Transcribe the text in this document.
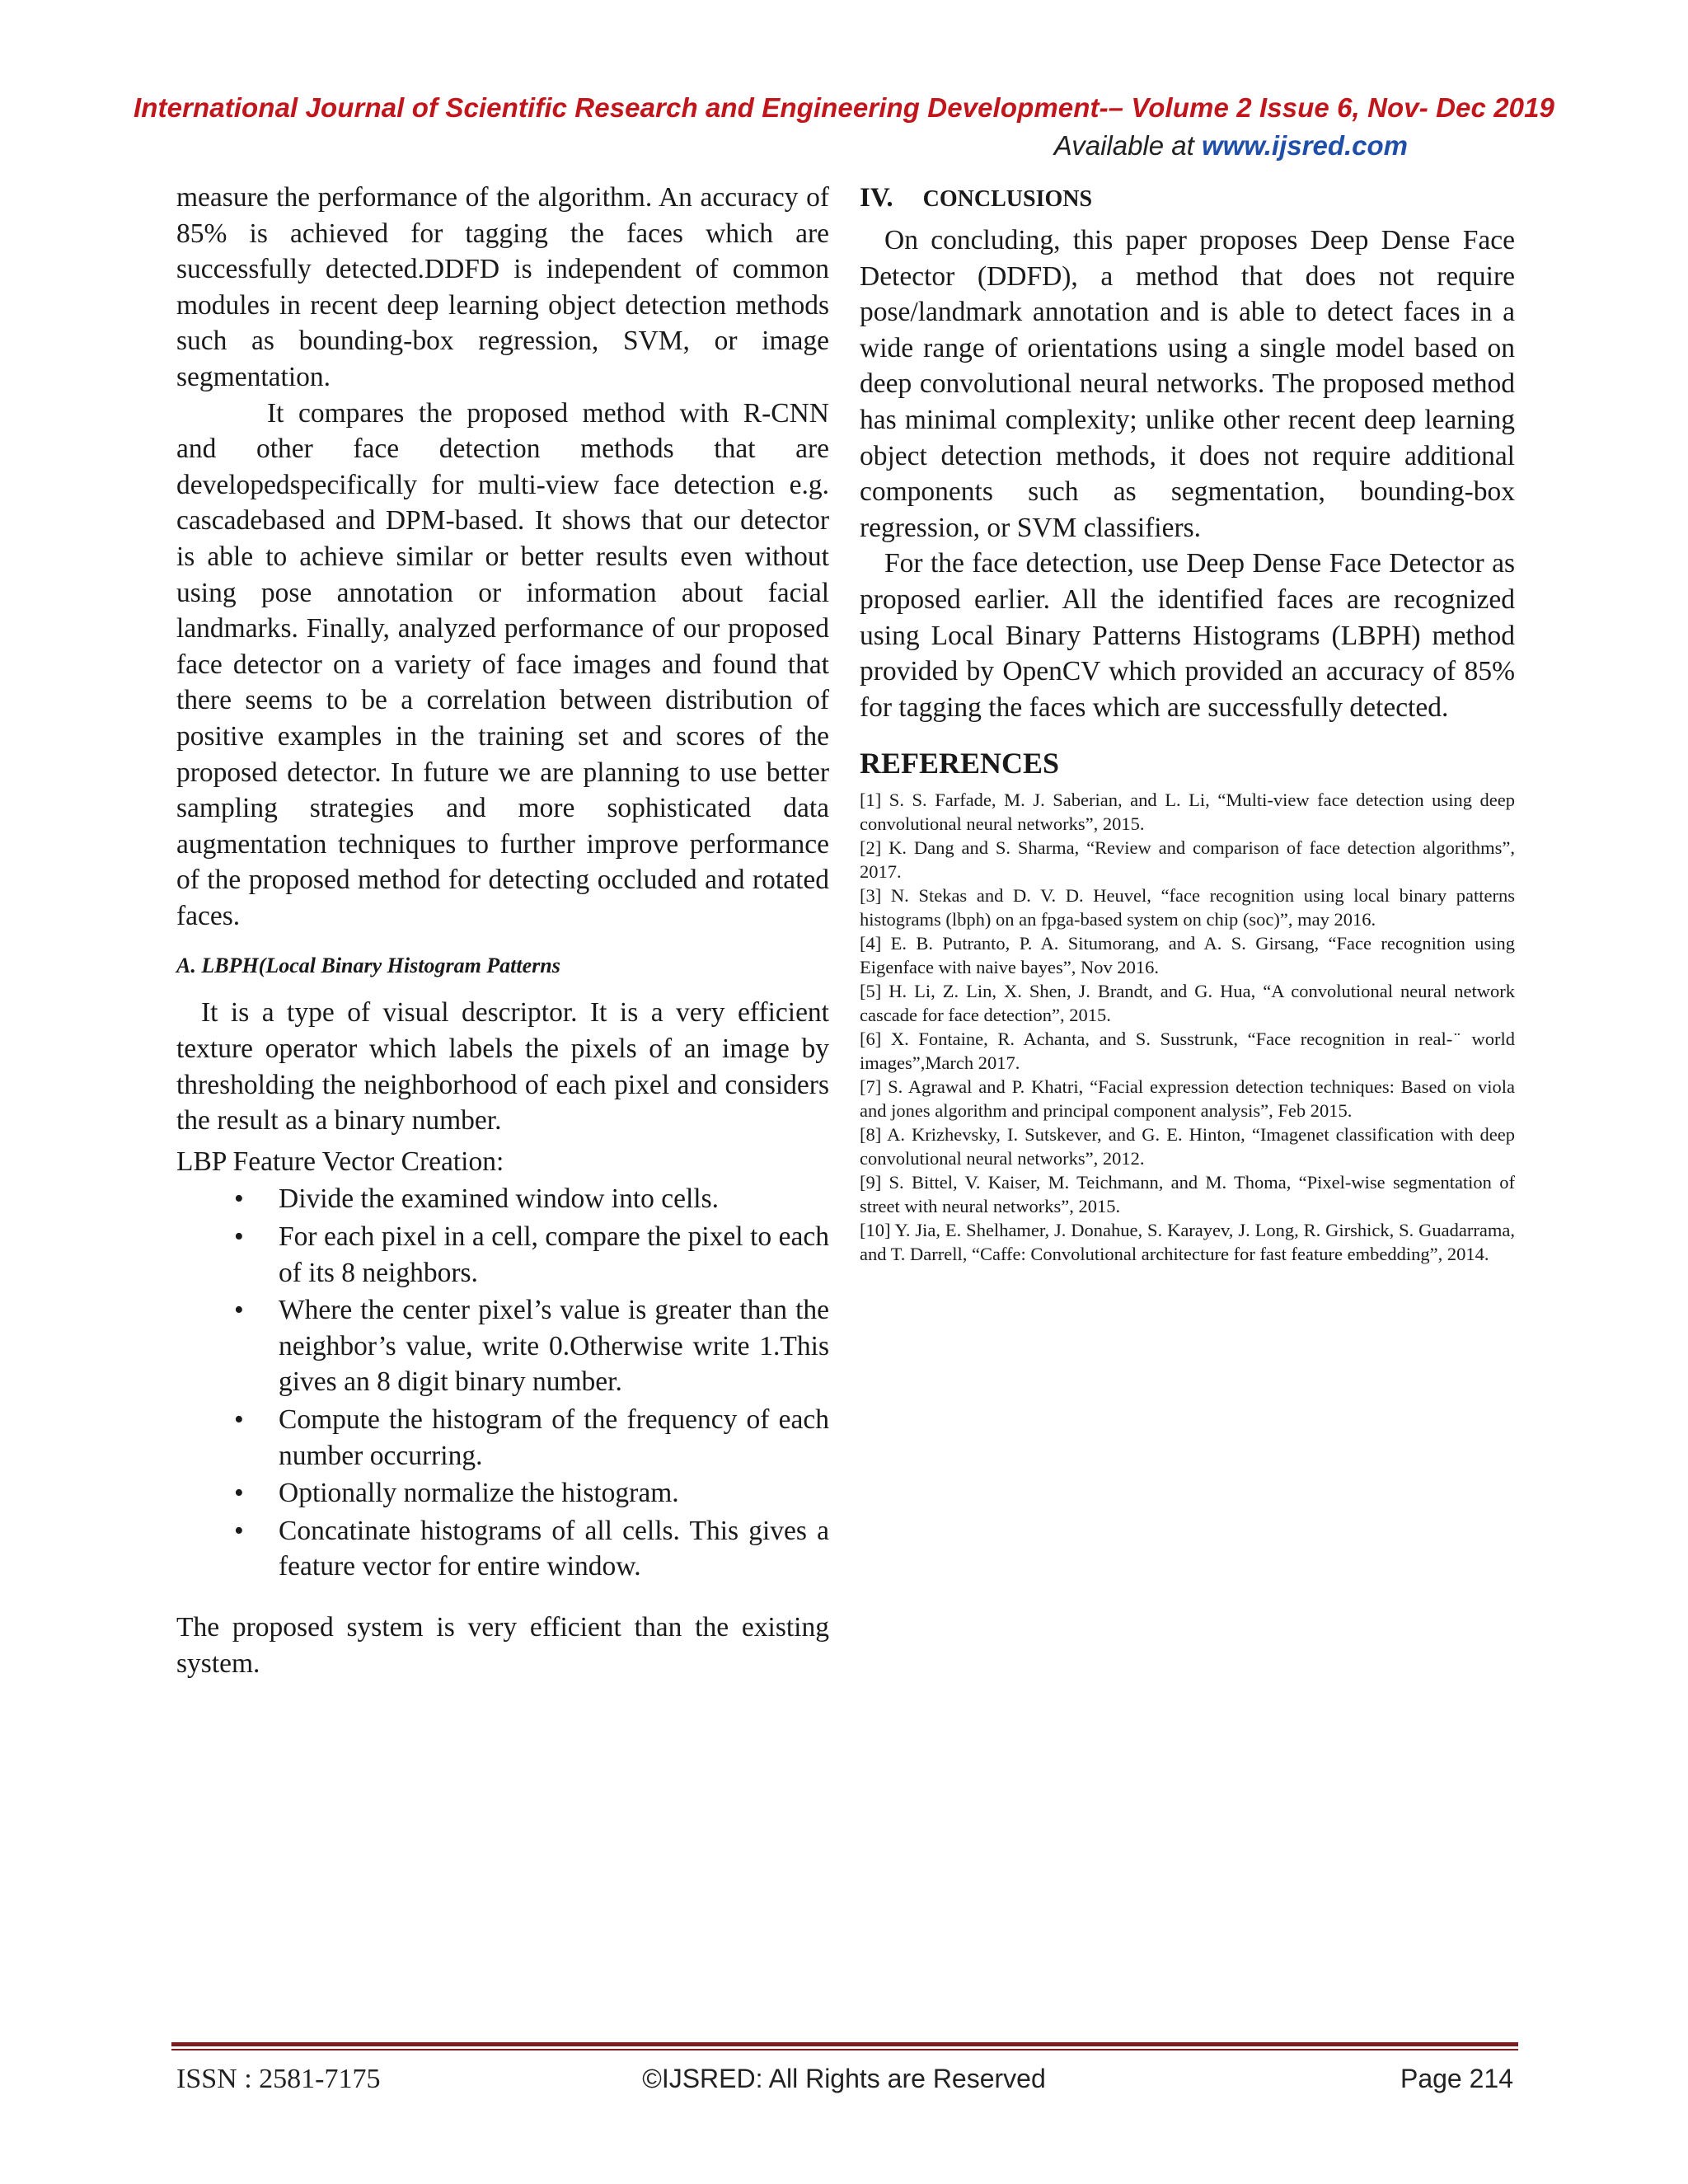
International Journal of Scientific Research and Engineering Development-– Volume 2 Issue 6, Nov- Dec 2019
Available at www.ijsred.com

measure the performance of the algorithm. An accuracy of 85% is achieved for tagging the faces which are successfully detected.DDFD is independent of common modules in recent deep learning object detection methods such as bounding-box regression, SVM, or image segmentation.

It compares the proposed method with R-CNN and other face detection methods that are developedspecifically for multi-view face detection e.g. cascadebased and DPM-based. It shows that our detector is able to achieve similar or better results even without using pose annotation or information about facial landmarks. Finally, analyzed performance of our proposed face detector on a variety of face images and found that there seems to be a correlation between distribution of positive examples in the training set and scores of the proposed detector. In future we are planning to use better sampling strategies and more sophisticated data augmentation techniques to further improve performance of the proposed method for detecting occluded and rotated faces.

A. LBPH(Local Binary Histogram Patterns

It is a type of visual descriptor. It is a very efficient texture operator which labels the pixels of an image by thresholding the neighborhood of each pixel and considers the result as a binary number.

LBP Feature Vector Creation:

• Divide the examined window into cells.
• For each pixel in a cell, compare the pixel to each of its 8 neighbors.
• Where the center pixel’s value is greater than the neighbor’s value, write 0.Otherwise write 1.This gives an 8 digit binary number.
• Compute the histogram of the frequency of each number occurring.
• Optionally normalize the histogram.
• Concatinate histograms of all cells. This gives a feature vector for entire window.

The proposed system is very efficient than the existing system.

IV. CONCLUSIONS

On concluding, this paper proposes Deep Dense Face Detector (DDFD), a method that does not require pose/landmark annotation and is able to detect faces in a wide range of orientations using a single model based on deep convolutional neural networks. The proposed method has minimal complexity; unlike other recent deep learning object detection methods, it does not require additional components such as segmentation, bounding-box regression, or SVM classifiers.

For the face detection, use Deep Dense Face Detector as proposed earlier. All the identified faces are recognized using Local Binary Patterns Histograms (LBPH) method provided by OpenCV which provided an accuracy of 85% for tagging the faces which are successfully detected.

REFERENCES

[1] S. S. Farfade, M. J. Saberian, and L. Li, “Multi-view face detection using deep convolutional neural networks”, 2015.

[2] K. Dang and S. Sharma, “Review and comparison of face detection algorithms”, 2017.

[3] N. Stekas and D. V. D. Heuvel, “face recognition using local binary patterns histograms (lbph) on an fpga-based system on chip (soc)”, may 2016.

[4] E. B. Putranto, P. A. Situmorang, and A. S. Girsang, “Face recognition using Eigenface with naive bayes”, Nov 2016.

[5] H. Li, Z. Lin, X. Shen, J. Brandt, and G. Hua, “A convolutional neural network cascade for face detection”, 2015.

[6] X. Fontaine, R. Achanta, and S. Susstrunk, “Face recognition in real- ̈ world images”,March 2017.

[7] S. Agrawal and P. Khatri, “Facial expression detection techniques: Based on viola and jones algorithm and principal component analysis”, Feb 2015.

[8] A. Krizhevsky, I. Sutskever, and G. E. Hinton, “Imagenet classification with deep convolutional neural networks”, 2012.

[9] S. Bittel, V. Kaiser, M. Teichmann, and M. Thoma, “Pixel-wise segmentation of street with neural networks”, 2015.

[10] Y. Jia, E. Shelhamer, J. Donahue, S. Karayev, J. Long, R. Girshick, S. Guadarrama, and T. Darrell, “Caffe: Convolutional architecture for fast feature embedding”, 2014.

ISSN : 2581-7175	©IJSRED: All Rights are Reserved	Page 214
